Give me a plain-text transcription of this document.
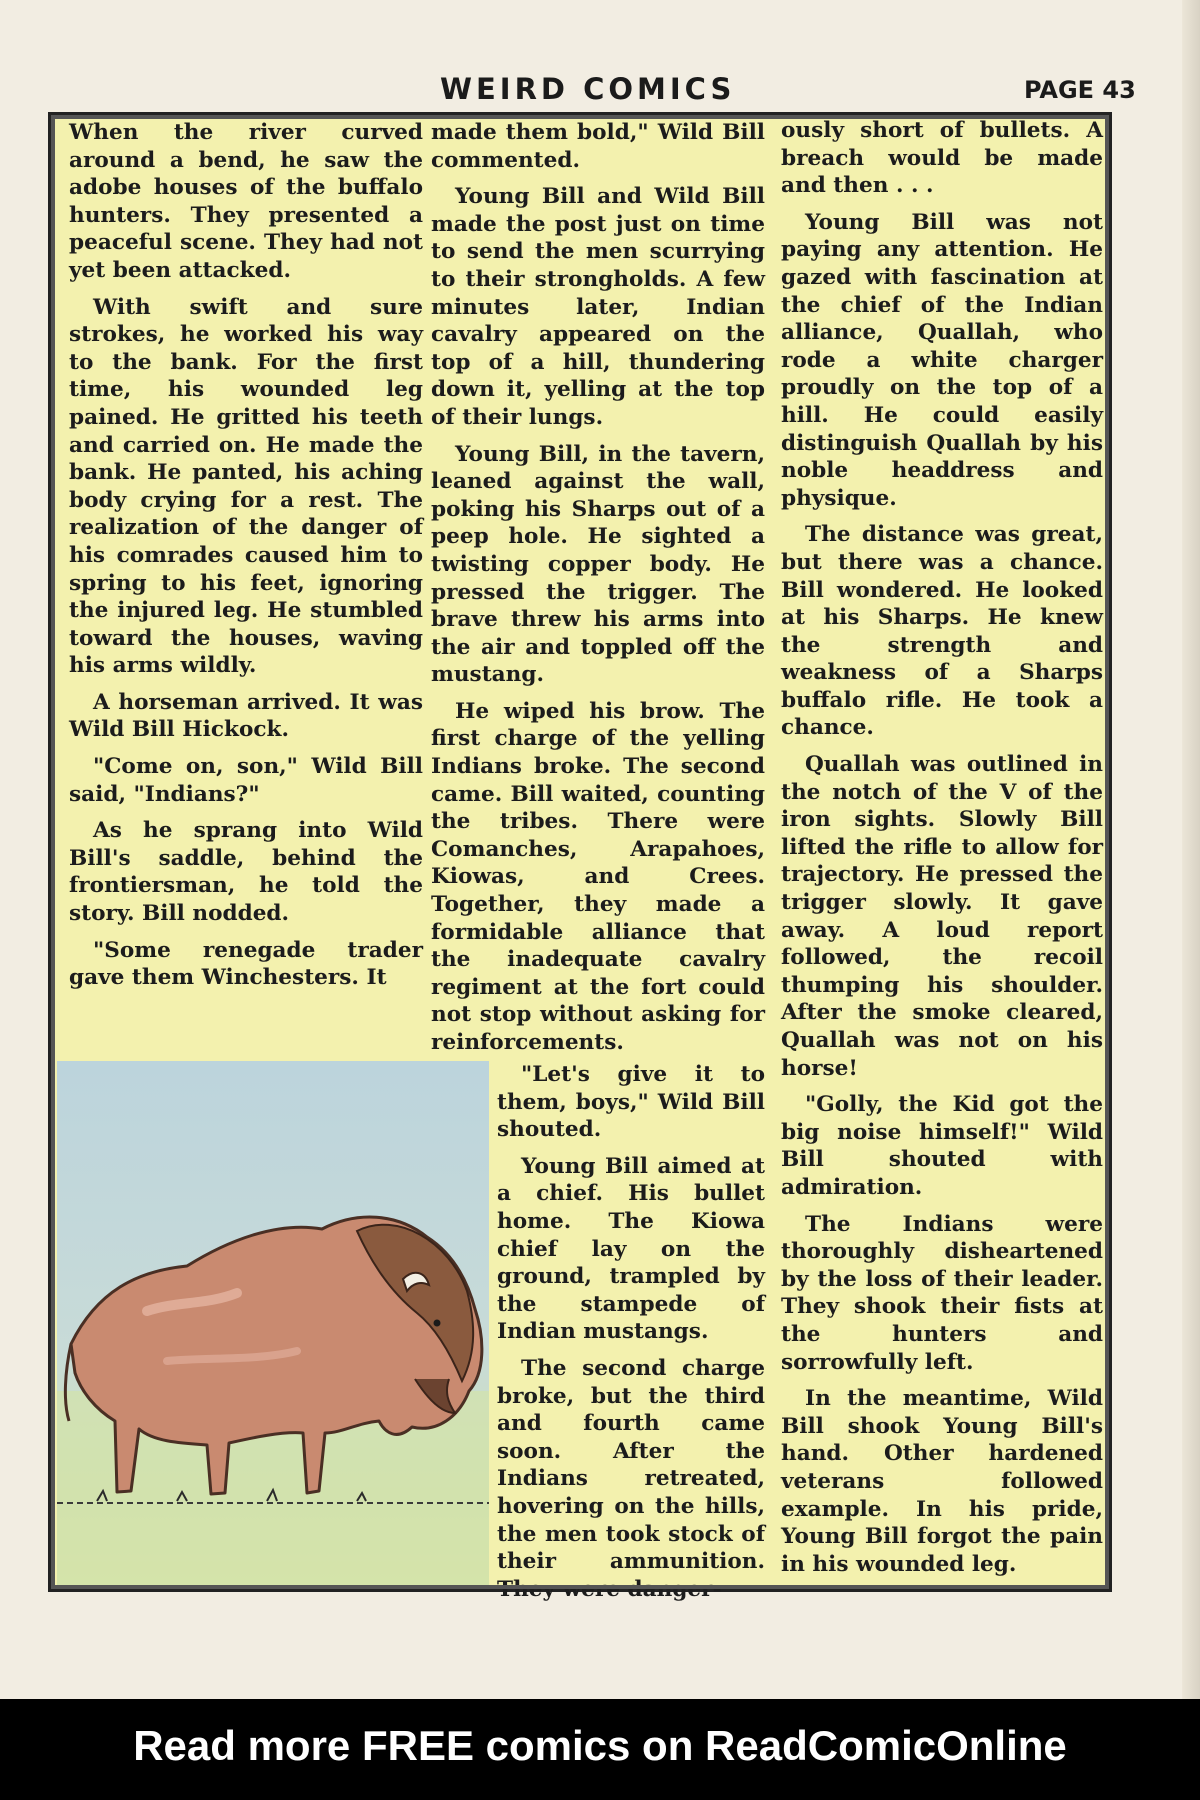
WEIRD COMICS	PAGE 43

When the river curved around a bend, he saw the adobe houses of the buffalo hunters. They presented a peaceful scene. They had not yet been attacked.

With swift and sure strokes, he worked his way to the bank. For the first time, his wounded leg pained. He gritted his teeth and carried on. He made the bank. He panted, his aching body crying for a rest. The realization of the danger of his comrades caused him to spring to his feet, ignoring the injured leg. He stumbled toward the houses, waving his arms wildly.

A horseman arrived. It was Wild Bill Hickock.

"Come on, son," Wild Bill said, "Indians?"

As he sprang into Wild Bill's saddle, behind the frontiersman, he told the story. Bill nodded.

"Some renegade trader gave them Winchesters. It

made them bold," Wild Bill commented.

Young Bill and Wild Bill made the post just on time to send the men scurrying to their strongholds. A few minutes later, Indian cavalry appeared on the top of a hill, thundering down it, yelling at the top of their lungs.

Young Bill, in the tavern, leaned against the wall, poking his Sharps out of a peep hole. He sighted a twisting copper body. He pressed the trigger. The brave threw his arms into the air and toppled off the mustang.

He wiped his brow. The first charge of the yelling Indians broke. The second came. Bill waited, counting the tribes. There were Comanches, Arapahoes, Kiowas, and Crees. Together, they made a formidable alliance that the inadequate cavalry regiment at the fort could not stop without asking for reinforcements.

"Let's give it to them, boys," Wild Bill shouted.

Young Bill aimed at a chief. His bullet home. The Kiowa chief lay on the ground, trampled by the stampede of Indian mustangs.

The second charge broke, but the third and fourth came soon. After the Indians retreated, hovering on the hills, the men took stock of their ammunition. They were danger-

ously short of bullets. A breach would be made and then . . .

Young Bill was not paying any attention. He gazed with fascination at the chief of the Indian alliance, Quallah, who rode a white charger proudly on the top of a hill. He could easily distinguish Quallah by his noble headdress and physique.

The distance was great, but there was a chance. Bill wondered. He looked at his Sharps. He knew the strength and weakness of a Sharps buffalo rifle. He took a chance.

Quallah was outlined in the notch of the V of the iron sights. Slowly Bill lifted the rifle to allow for trajectory. He pressed the trigger slowly. It gave away. A loud report followed, the recoil thumping his shoulder. After the smoke cleared, Quallah was not on his horse!

"Golly, the Kid got the big noise himself!" Wild Bill shouted with admiration.

The Indians were thoroughly disheartened by the loss of their leader. They shook their fists at the hunters and sorrowfully left.

In the meantime, Wild Bill shook Young Bill's hand. Other hardened veterans followed example. In his pride, Young Bill forgot the pain in his wounded leg.

Read more FREE comics on ReadComicOnline
